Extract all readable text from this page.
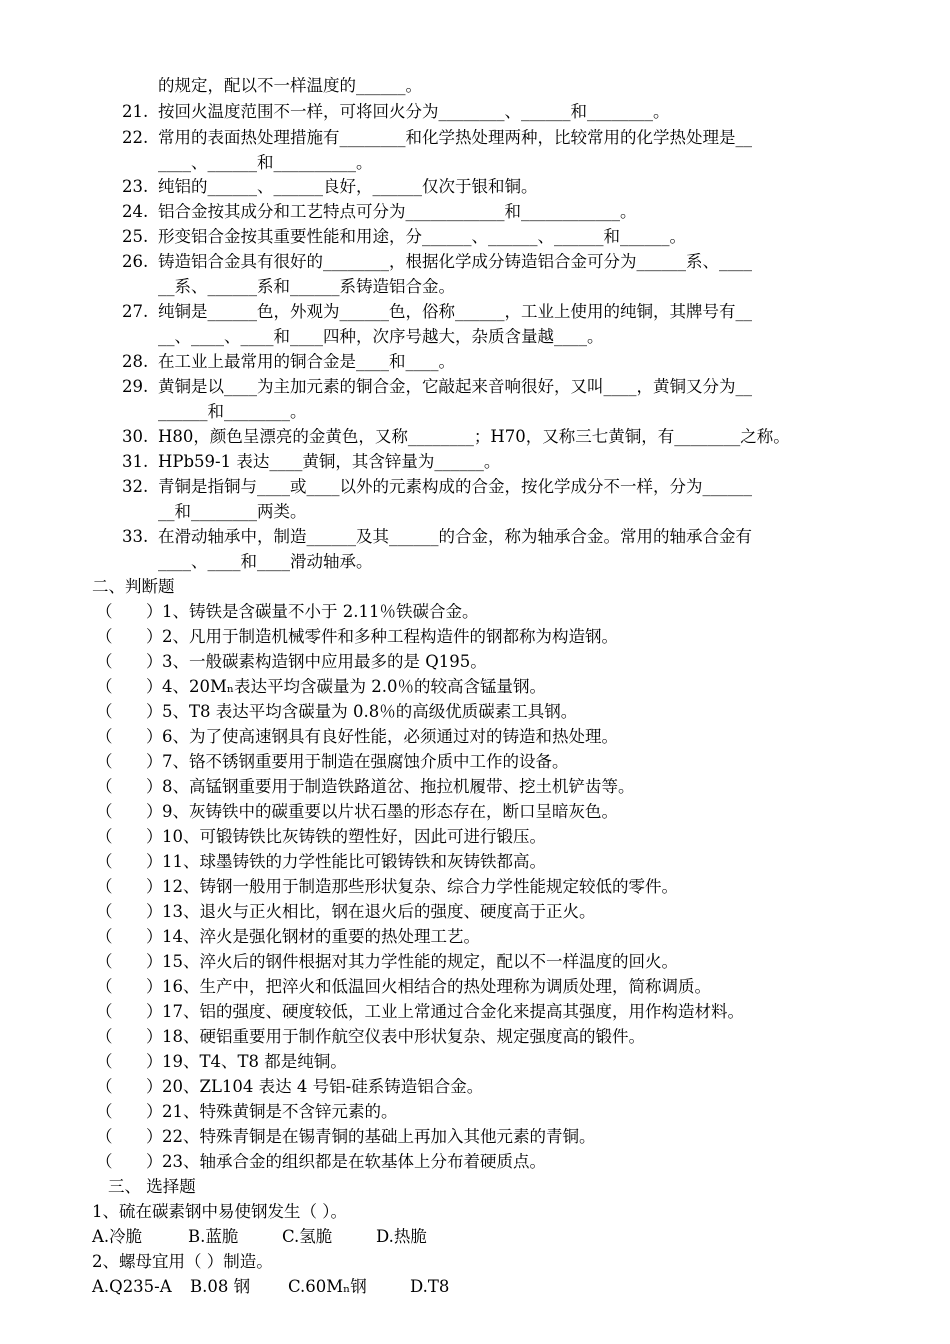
的规定，配以不一样温度的______。
21. 按回火温度范围不一样，可将回火分为________、______和________。
22. 常用的表面热处理措施有________和化学热处理两种，比较常用的化学热处理是__
____、______和__________。
23. 纯铝的______、______良好，______仅次于银和铜。
24. 铝合金按其成分和工艺特点可分为____________和____________。
25. 形变铝合金按其重要性能和用途，分______、______、______和______。
26. 铸造铝合金具有很好的________，根据化学成分铸造铝合金可分为______系、____
__系、______系和______系铸造铝合金。
27. 纯铜是______色，外观为______色，俗称______，工业上使用的纯铜，其牌号有__
__、____、____和____四种，次序号越大，杂质含量越____。
28. 在工业上最常用的铜合金是____和____。
29. 黄铜是以____为主加元素的铜合金，它敲起来音响很好，又叫____，黄铜又分为__
______和________。
30. H80，颜色呈漂亮的金黄色，又称________；H70，又称三七黄铜，有________之称。
31. HPb59-1 表达____黄铜，其含锌量为______。
32. 青铜是指铜与____或____以外的元素构成的合金，按化学成分不一样，分为______
__和________两类。
33. 在滑动轴承中，制造______及其______的合金，称为轴承合金。常用的轴承合金有
____、____和____滑动轴承。
二、判断题
（ ） 1、铸铁是含碳量不小于 2.11％铁碳合金。
（ ） 2、凡用于制造机械零件和多种工程构造件的钢都称为构造钢。
（ ） 3、一般碳素构造钢中应用最多的是 Q195。
（ ） 4、20Mₙ表达平均含碳量为 2.0％的较高含锰量钢。
（ ） 5、T8 表达平均含碳量为 0.8％的高级优质碳素工具钢。
（ ） 6、为了使高速钢具有良好性能，必须通过对的铸造和热处理。
（ ） 7、铬不锈钢重要用于制造在强腐蚀介质中工作的设备。
（ ） 8、高锰钢重要用于制造铁路道岔、拖拉机履带、挖土机铲齿等。
（ ） 9、灰铸铁中的碳重要以片状石墨的形态存在，断口呈暗灰色。
（ ） 10、可锻铸铁比灰铸铁的塑性好，因此可进行锻压。
（ ） 11、球墨铸铁的力学性能比可锻铸铁和灰铸铁都高。
（ ） 12、铸钢一般用于制造那些形状复杂、综合力学性能规定较低的零件。
（ ） 13、退火与正火相比，钢在退火后的强度、硬度高于正火。
（ ） 14、淬火是强化钢材的重要的热处理工艺。
（ ） 15、淬火后的钢件根据对其力学性能的规定，配以不一样温度的回火。
（ ） 16、生产中，把淬火和低温回火相结合的热处理称为调质处理，简称调质。
（ ） 17、铝的强度、硬度较低，工业上常通过合金化来提高其强度，用作构造材料。
（ ） 18、硬铝重要用于制作航空仪表中形状复杂、规定强度高的锻件。
（ ） 19、T4、T8 都是纯铜。
（ ） 20、ZL104 表达 4 号铝-硅系铸造铝合金。
（ ） 21、特殊黄铜是不含锌元素的。
（ ） 22、特殊青铜是在锡青铜的基础上再加入其他元素的青铜。
（ ） 23、轴承合金的组织都是在软基体上分布着硬质点。
三、 选择题
1、硫在碳素钢中易使钢发生（ ）。
A.冷脆	B.蓝脆	C.氢脆	D.热脆
2、螺母宜用（ ）制造。
A.Q235-A B.08 钢 C.60Mₙ钢	D.T8
